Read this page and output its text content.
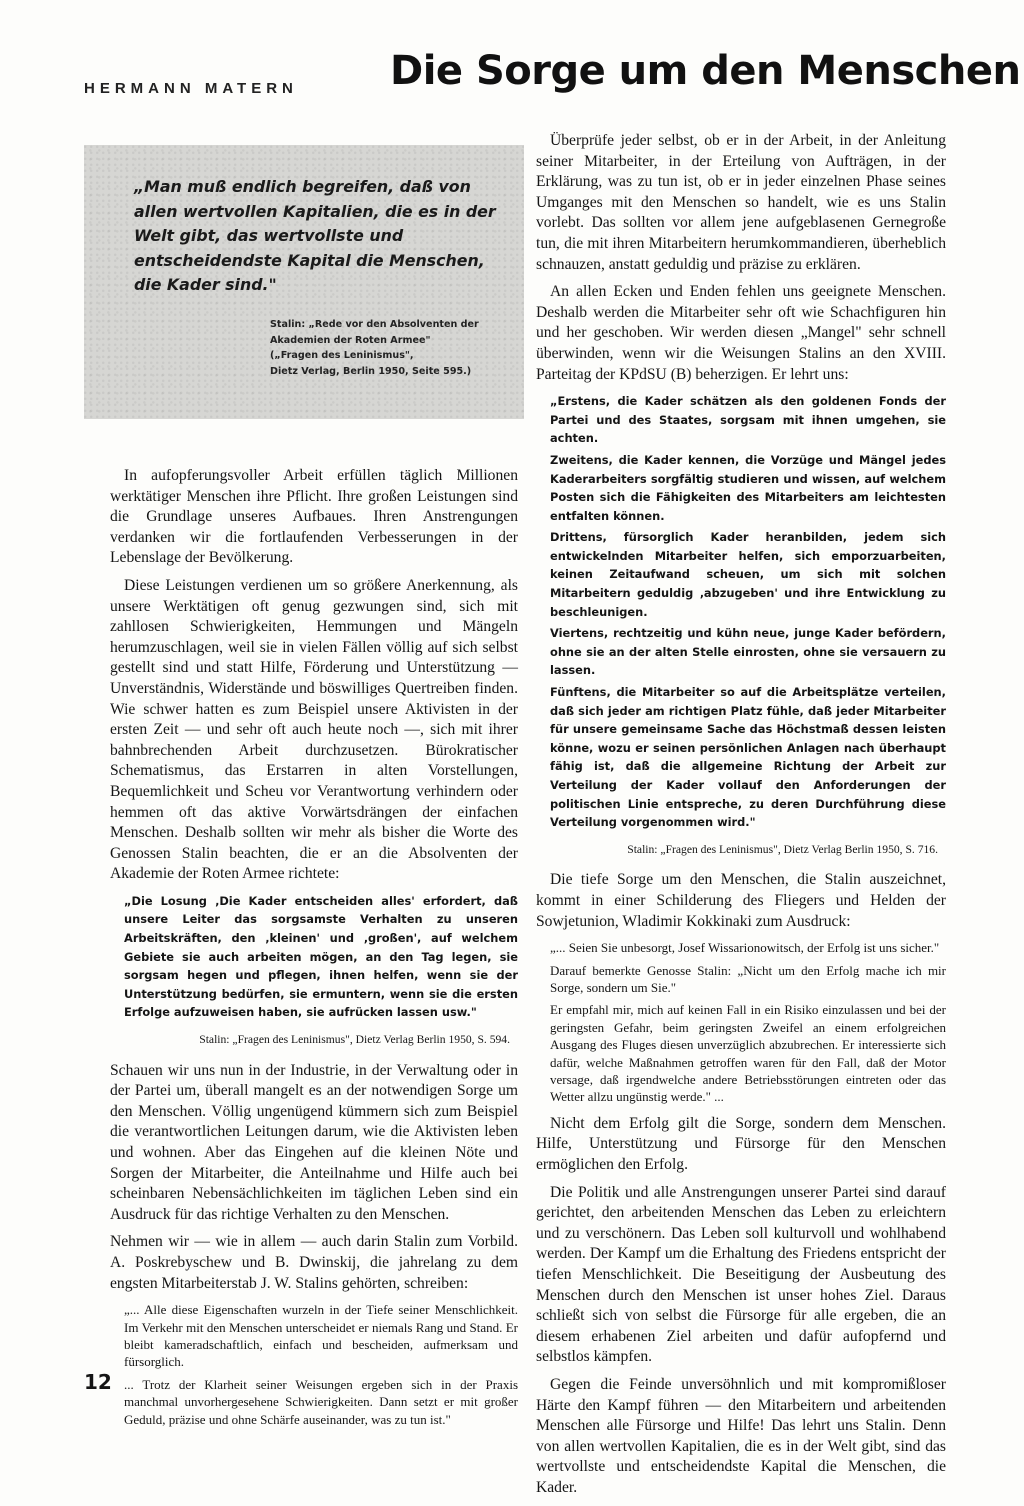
HERMANN MATERN Die Sorge um den Menschen
„Man muß endlich begreifen, daß von allen wertvollen Kapitalien, die es in der Welt gibt, das wertvollste und entscheidendste Kapital die Menschen, die Kader sind."
Stalin: „Rede vor den Absolventen der Akademien der Roten Armee"
(„Fragen des Leninismus",
Dietz Verlag, Berlin 1950, Seite 595.)

In aufopferungsvoller Arbeit erfüllen täglich Millionen werktätiger Menschen ihre Pflicht. Ihre großen Leistungen sind die Grundlage unseres Aufbaues. Ihren Anstrengungen verdanken wir die fortlaufenden Verbesserungen in der Lebenslage der Bevölkerung.

Diese Leistungen verdienen um so größere Anerkennung, als unsere Werktätigen oft genug gezwungen sind, sich mit zahllosen Schwierigkeiten, Hemmungen und Mängeln herumzuschlagen, weil sie in vielen Fällen völlig auf sich selbst gestellt sind und statt Hilfe, Förderung und Unterstützung — Unverständnis, Widerstände und böswilliges Quertreiben finden. Wie schwer hatten es zum Beispiel unsere Aktivisten in der ersten Zeit — und sehr oft auch heute noch —, sich mit ihrer bahnbrechenden Arbeit durchzusetzen. Bürokratischer Schematismus, das Erstarren in alten Vorstellungen, Bequemlichkeit und Scheu vor Verantwortung verhindern oder hemmen oft das aktive Vorwärtsdrängen der einfachen Menschen. Deshalb sollten wir mehr als bisher die Worte des Genossen Stalin beachten, die er an die Absolventen der Akademie der Roten Armee richtete:

„Die Losung ‚Die Kader entscheiden alles' erfordert, daß unsere Leiter das sorgsamste Verhalten zu unseren Arbeitskräften, den ‚kleinen' und ‚großen', auf welchem Gebiete sie auch arbeiten mögen, an den Tag legen, sie sorgsam hegen und pflegen, ihnen helfen, wenn sie der Unterstützung bedürfen, sie ermuntern, wenn sie die ersten Erfolge aufzuweisen haben, sie aufrücken lassen usw."

Stalin: „Fragen des Leninismus", Dietz Verlag Berlin 1950, S. 594.

Schauen wir uns nun in der Industrie, in der Verwaltung oder in der Partei um, überall mangelt es an der notwendigen Sorge um den Menschen. Völlig ungenügend kümmern sich zum Beispiel die verantwortlichen Leitungen darum, wie die Aktivisten leben und wohnen. Aber das Eingehen auf die kleinen Nöte und Sorgen der Mitarbeiter, die Anteilnahme und Hilfe auch bei scheinbaren Nebensächlichkeiten im täglichen Leben sind ein Ausdruck für das richtige Verhalten zu den Menschen.

Nehmen wir — wie in allem — auch darin Stalin zum Vorbild. A. Poskrebyschew und B. Dwinskij, die jahrelang zu dem engsten Mitarbeiterstab J. W. Stalins gehörten, schreiben:

„... Alle diese Eigenschaften wurzeln in der Tiefe seiner Menschlichkeit. Im Verkehr mit den Menschen unterscheidet er niemals Rang und Stand. Er bleibt kameradschaftlich, einfach und bescheiden, aufmerksam und fürsorglich.

... Trotz der Klarheit seiner Weisungen ergeben sich in der Praxis manchmal unvorhergesehene Schwierigkeiten. Dann setzt er mit großer Geduld, präzise und ohne Schärfe auseinander, was zu tun ist."

Überprüfe jeder selbst, ob er in der Arbeit, in der Anleitung seiner Mitarbeiter, in der Erteilung von Aufträgen, in der Erklärung, was zu tun ist, ob er in jeder einzelnen Phase seines Umganges mit den Menschen so handelt, wie es uns Stalin vorlebt. Das sollten vor allem jene aufgeblasenen Gernegroße tun, die mit ihren Mitarbeitern herumkommandieren, überheblich schnauzen, anstatt geduldig und präzise zu erklären.

An allen Ecken und Enden fehlen uns geeignete Menschen. Deshalb werden die Mitarbeiter sehr oft wie Schachfiguren hin und her geschoben. Wir werden diesen „Mangel" sehr schnell überwinden, wenn wir die Weisungen Stalins an den XVIII. Parteitag der KPdSU (B) beherzigen. Er lehrt uns:

„Erstens, die Kader schätzen als den goldenen Fonds der Partei und des Staates, sorgsam mit ihnen umgehen, sie achten.

Zweitens, die Kader kennen, die Vorzüge und Mängel jedes Kaderarbeiters sorgfältig studieren und wissen, auf welchem Posten sich die Fähigkeiten des Mitarbeiters am leichtesten entfalten können.

Drittens, fürsorglich Kader heranbilden, jedem sich entwickelnden Mitarbeiter helfen, sich emporzuarbeiten, keinen Zeitaufwand scheuen, um sich mit solchen Mitarbeitern geduldig ‚abzugeben' und ihre Entwicklung zu beschleunigen.

Viertens, rechtzeitig und kühn neue, junge Kader befördern, ohne sie an der alten Stelle einrosten, ohne sie versauern zu lassen.

Fünftens, die Mitarbeiter so auf die Arbeitsplätze verteilen, daß sich jeder am richtigen Platz fühle, daß jeder Mitarbeiter für unsere gemeinsame Sache das Höchstmaß dessen leisten könne, wozu er seinen persönlichen Anlagen nach überhaupt fähig ist, daß die allgemeine Richtung der Arbeit zur Verteilung der Kader vollauf den Anforderungen der politischen Linie entspreche, zu deren Durchführung diese Verteilung vorgenommen wird."

Stalin: „Fragen des Leninismus", Dietz Verlag Berlin 1950, S. 716.

Die tiefe Sorge um den Menschen, die Stalin auszeichnet, kommt in einer Schilderung des Fliegers und Helden der Sowjetunion, Wladimir Kokkinaki zum Ausdruck:

„... Seien Sie unbesorgt, Josef Wissarionowitsch, der Erfolg ist uns sicher."

Darauf bemerkte Genosse Stalin: „Nicht um den Erfolg mache ich mir Sorge, sondern um Sie."

Er empfahl mir, mich auf keinen Fall in ein Risiko einzulassen und bei der geringsten Gefahr, beim geringsten Zweifel an einem erfolgreichen Ausgang des Fluges diesen unverzüglich abzubrechen. Er interessierte sich dafür, welche Maßnahmen getroffen waren für den Fall, daß der Motor versage, daß irgendwelche andere Betriebsstörungen eintreten oder das Wetter allzu ungünstig werde." ...

Nicht dem Erfolg gilt die Sorge, sondern dem Menschen. Hilfe, Unterstützung und Fürsorge für den Menschen ermöglichen den Erfolg.

Die Politik und alle Anstrengungen unserer Partei sind darauf gerichtet, den arbeitenden Menschen das Leben zu erleichtern und zu verschönern. Das Leben soll kulturvoll und wohlhabend werden. Der Kampf um die Erhaltung des Friedens entspricht der tiefen Menschlichkeit. Die Beseitigung der Ausbeutung des Menschen durch den Menschen ist unser hohes Ziel. Daraus schließt sich von selbst die Fürsorge für alle ergeben, die an diesem erhabenen Ziel arbeiten und dafür aufopfernd und selbstlos kämpfen.

Gegen die Feinde unversöhnlich und mit kompromißloser Härte den Kampf führen — den Mitarbeitern und arbeitenden Menschen alle Fürsorge und Hilfe! Das lehrt uns Stalin. Denn von allen wertvollen Kapitalien, die es in der Welt gibt, sind das wertvollste und entscheidendste Kapital die Menschen, die Kader.

12
